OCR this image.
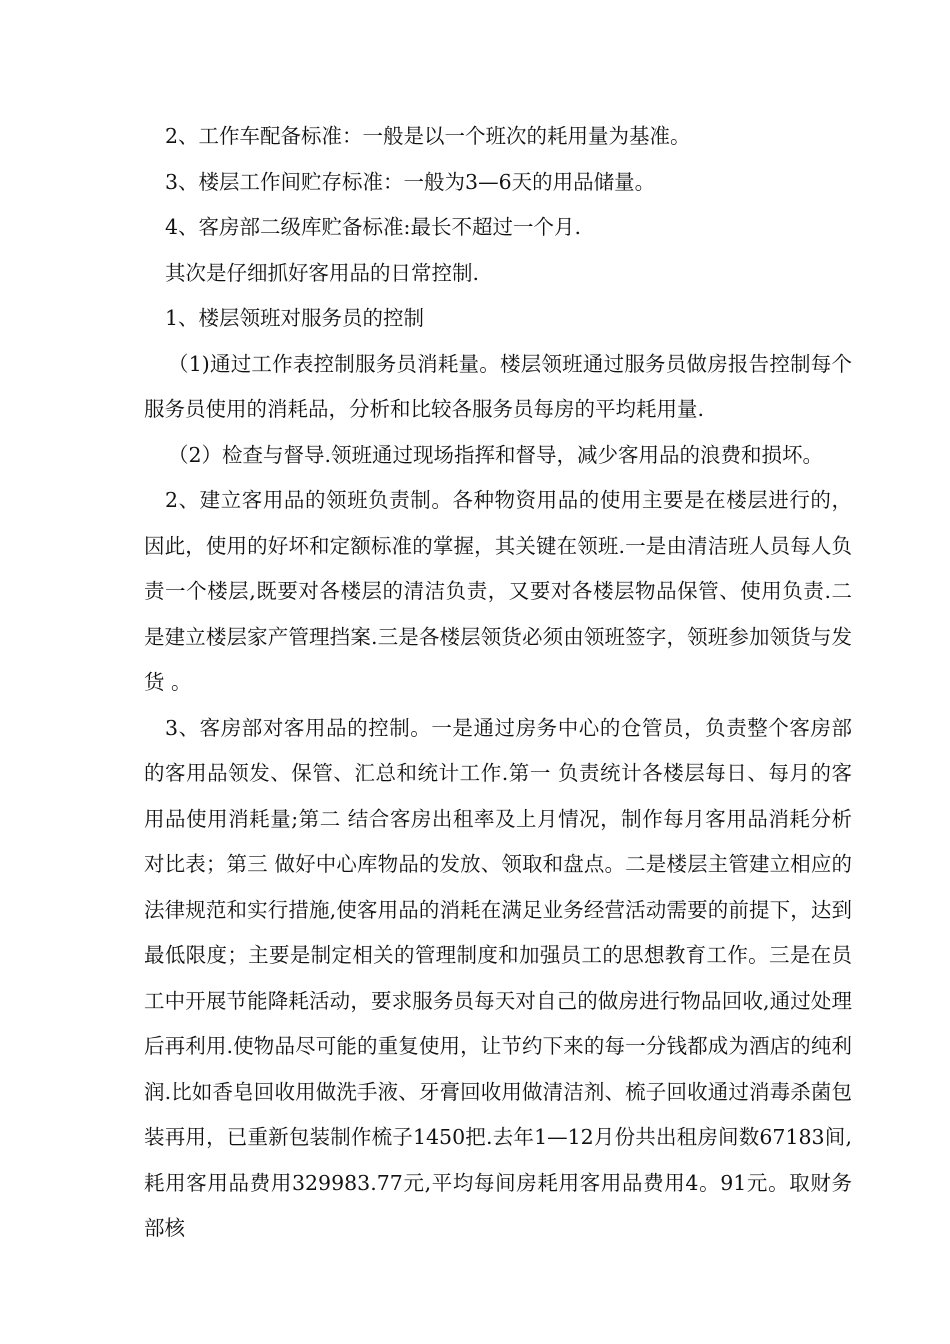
2、工作车配备标准：一般是以一个班次的耗用量为基准。

3、楼层工作间贮存标准：一般为3—6天的用品储量。

4、客房部二级库贮备标准:最长不超过一个月.

其次是仔细抓好客用品的日常控制.

1、楼层领班对服务员的控制

（1)通过工作表控制服务员消耗量。楼层领班通过服务员做房报告控制每个服务员使用的消耗品，分析和比较各服务员每房的平均耗用量.

（2）检查与督导.领班通过现场指挥和督导，减少客用品的浪费和损坏。

2、建立客用品的领班负责制。各种物资用品的使用主要是在楼层进行的，因此，使用的好坏和定额标准的掌握，其关键在领班.一是由清洁班人员每人负责一个楼层,既要对各楼层的清洁负责，又要对各楼层物品保管、使用负责.二是建立楼层家产管理挡案.三是各楼层领货必须由领班签字，领班参加领货与发货 。

3、客房部对客用品的控制。一是通过房务中心的仓管员，负责整个客房部的客用品领发、保管、汇总和统计工作.第一 负责统计各楼层每日、每月的客用品使用消耗量;第二 结合客房出租率及上月情况，制作每月客用品消耗分析对比表；第三 做好中心库物品的发放、领取和盘点。二是楼层主管建立相应的法律规范和实行措施,使客用品的消耗在满足业务经营活动需要的前提下，达到最低限度；主要是制定相关的管理制度和加强员工的思想教育工作。三是在员工中开展节能降耗活动，要求服务员每天对自己的做房进行物品回收,通过处理后再利用.使物品尽可能的重复使用，让节约下来的每一分钱都成为酒店的纯利润.比如香皂回收用做洗手液、牙膏回收用做清洁剂、梳子回收通过消毒杀菌包装再用，已重新包装制作梳子1450把.去年1—12月份共出租房间数67183间,耗用客用品费用329983.77元,平均每间房耗用客用品费用4。91元。取财务部核
